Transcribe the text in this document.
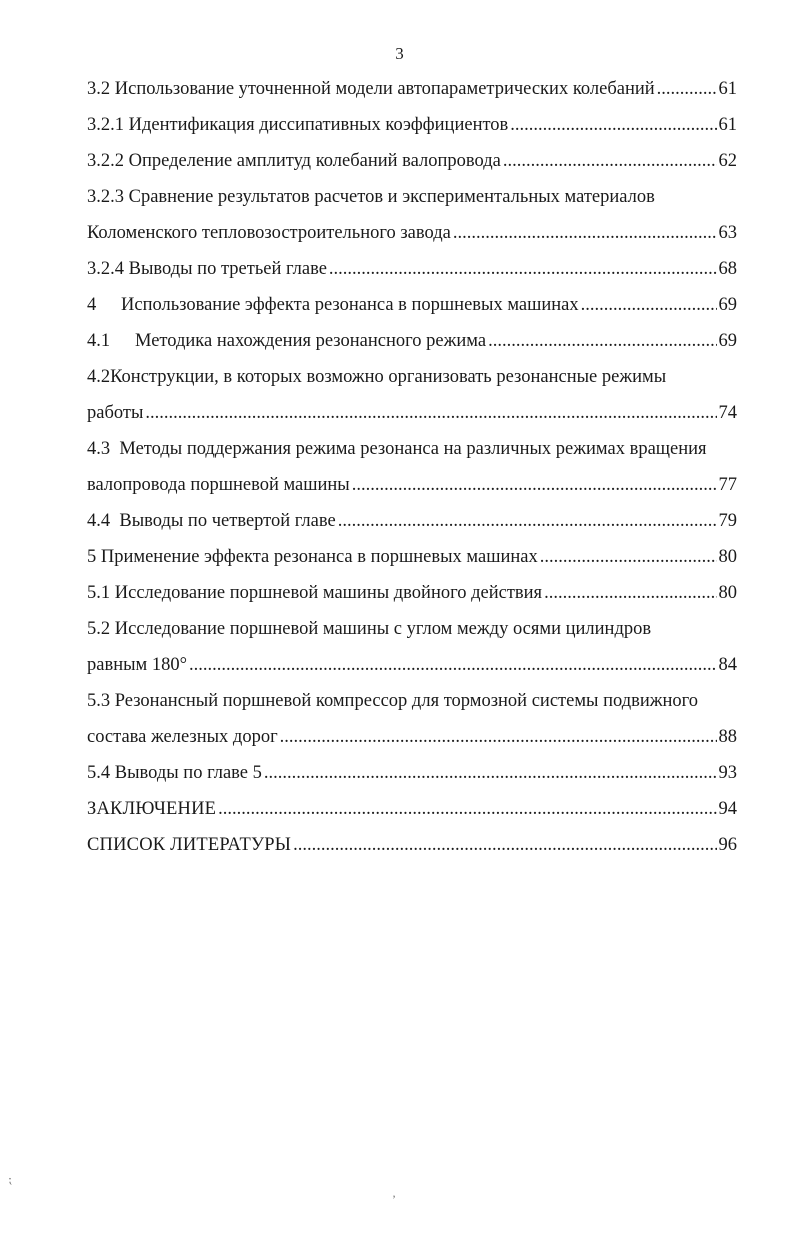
3
3.2 Использование уточненной модели автопараметрических колебаний .....	61
3.2.1 Идентификация диссипативных коэффициентов .....	61
3.2.2 Определение амплитуд колебаний валопровода .....	62
3.2.3 Сравнение результатов расчетов и экспериментальных материалов
Коломенского тепловозостроительного завода .....	63
3.2.4 Выводы по третьей главе .....	68
4 Использование эффекта резонанса в поршневых машинах .....	69
4.1 Методика нахождения резонансного режима .....	69
4.2Конструкции, в которых возможно организовать резонансные режимы
работы .....	74
4.3 Методы поддержания режима резонанса на различных режимах вращения
валопровода поршневой машины .....	77
4.4 Выводы по четвертой главе .....	79
5 Применение эффекта резонанса в поршневых машинах .....	80
5.1 Исследование поршневой машины двойного действия .....	80
5.2 Исследование поршневой машины с углом между осями цилиндров
равным 180° .....	84
5.3 Резонансный поршневой компрессор для тормозной системы подвижного
состава железных дорог .....	88
5.4 Выводы по главе 5 .....	93
ЗАКЛЮЧЕНИЕ .....	94
СПИСОК ЛИТЕРАТУРЫ .....	96
⁏
’
